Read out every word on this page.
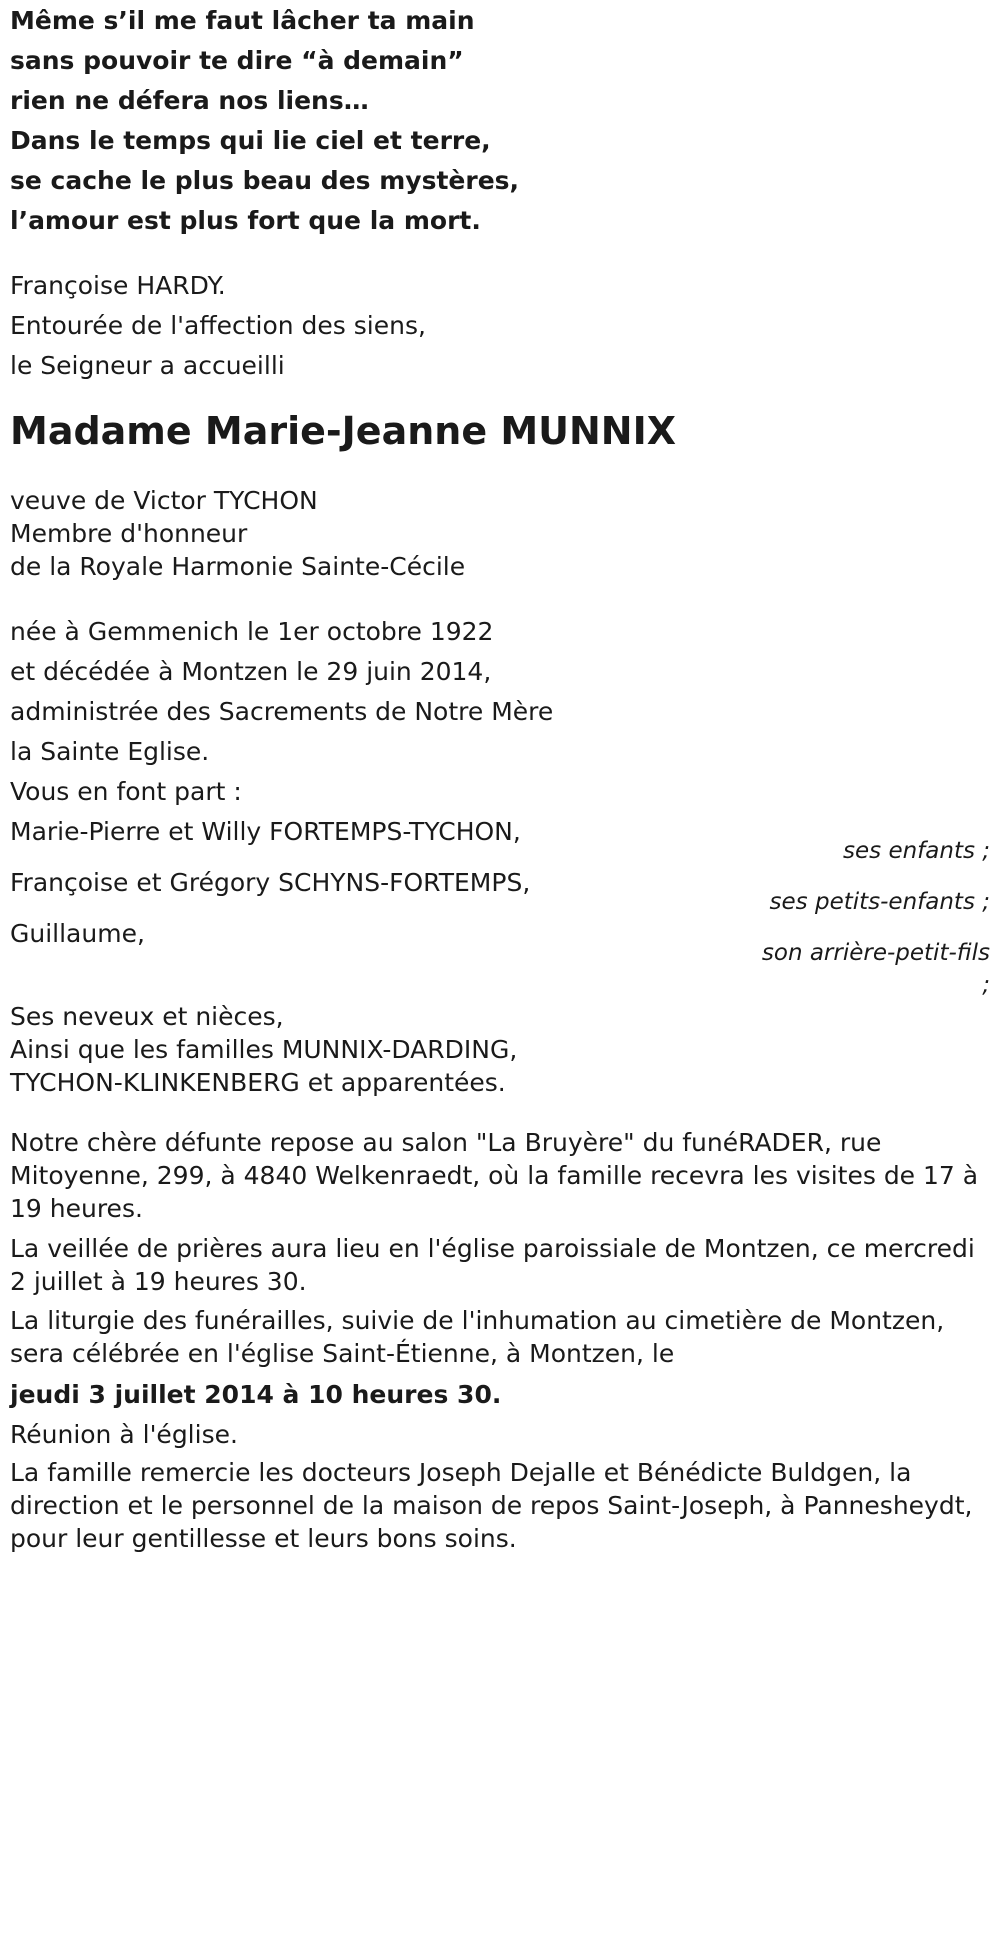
Même s’il me faut lâcher ta main
sans pouvoir te dire “à demain”
rien ne défera nos liens…
Dans le temps qui lie ciel et terre,
se cache le plus beau des mystères,
l’amour est plus fort que la mort.
Françoise HARDY.
Entourée de l'affection des siens,
le Seigneur a accueilli
Madame Marie-Jeanne MUNNIX
veuve de Victor TYCHON
Membre d'honneur
de la Royale Harmonie Sainte-Cécile
née à Gemmenich le 1er octobre 1922
et décédée à Montzen le 29 juin 2014,
administrée des Sacrements de Notre Mère
la Sainte Eglise.
Vous en font part :
Marie-Pierre et Willy FORTEMPS-TYCHON,
ses enfants ;
Françoise et Grégory SCHYNS-FORTEMPS,
ses petits-enfants ;
Guillaume,
son arrière-petit-fils
;
Ses neveux et nièces,
Ainsi que les familles MUNNIX-DARDING,
TYCHON-KLINKENBERG et apparentées.
Notre chère défunte repose au salon "La Bruyère" du funéRADER, rue Mitoyenne, 299, à 4840 Welkenraedt, où la famille recevra les visites de 17 à 19 heures.
La veillée de prières aura lieu en l'église paroissiale de Montzen, ce mercredi 2 juillet à 19 heures 30.
La liturgie des funérailles, suivie de l'inhumation au cimetière de Montzen, sera célébrée en l'église Saint-Étienne, à Montzen, le
jeudi 3 juillet 2014 à 10 heures 30.
Réunion à l'église.
La famille remercie les docteurs Joseph Dejalle et Bénédicte Buldgen, la direction et le personnel de la maison de repos Saint-Joseph, à Pannesheydt, pour leur gentillesse et leurs bons soins.
